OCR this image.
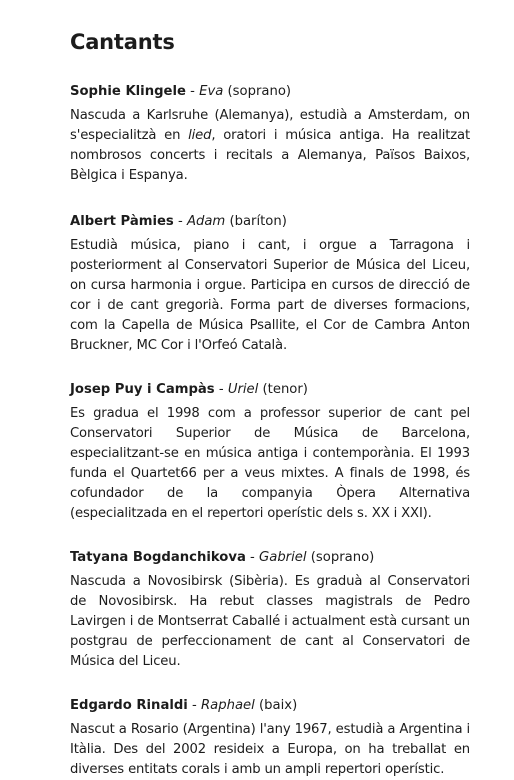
Cantants
Sophie Klingele - Eva (soprano)

Nascuda a Karlsruhe (Alemanya), estudià a Amsterdam, on s'especialitzà en lied, oratori i música antiga. Ha realitzat nombrosos concerts i recitals a Alemanya, Països Baixos, Bèlgica i Espanya.

Albert Pàmies - Adam (baríton)

Estudià música, piano i cant, i orgue a Tarragona i posteriorment al Conservatori Superior de Música del Liceu, on cursa harmonia i orgue. Participa en cursos de direcció de cor i de cant gregorià. Forma part de diverses formacions, com la Capella de Música Psallite, el Cor de Cambra Anton Bruckner, MC Cor i l'Orfeó Català.

Josep Puy i Campàs - Uriel (tenor)

Es gradua el 1998 com a professor superior de cant pel Conservatori Superior de Música de Barcelona, especialitzant-se en música antiga i contemporània. El 1993 funda el Quartet66 per a veus mixtes. A finals de 1998, és cofundador de la companyia Òpera Alternativa (especialitzada en el repertori operístic dels s. XX i XXI).

Tatyana Bogdanchikova - Gabriel (soprano)

Nascuda a Novosibirsk (Sibèria). Es graduà al Conservatori de Novosibirsk. Ha rebut classes magistrals de Pedro Lavirgen i de Montserrat Caballé i actualment està cursant un postgrau de perfeccionament de cant al Conservatori de Música del Liceu.

Edgardo Rinaldi - Raphael (baix)

Nascut a Rosario (Argentina) l'any 1967, estudià a Argentina i Itàlia. Des del 2002 resideix a Europa, on ha treballat en diverses entitats corals i amb un ampli repertori operístic.
